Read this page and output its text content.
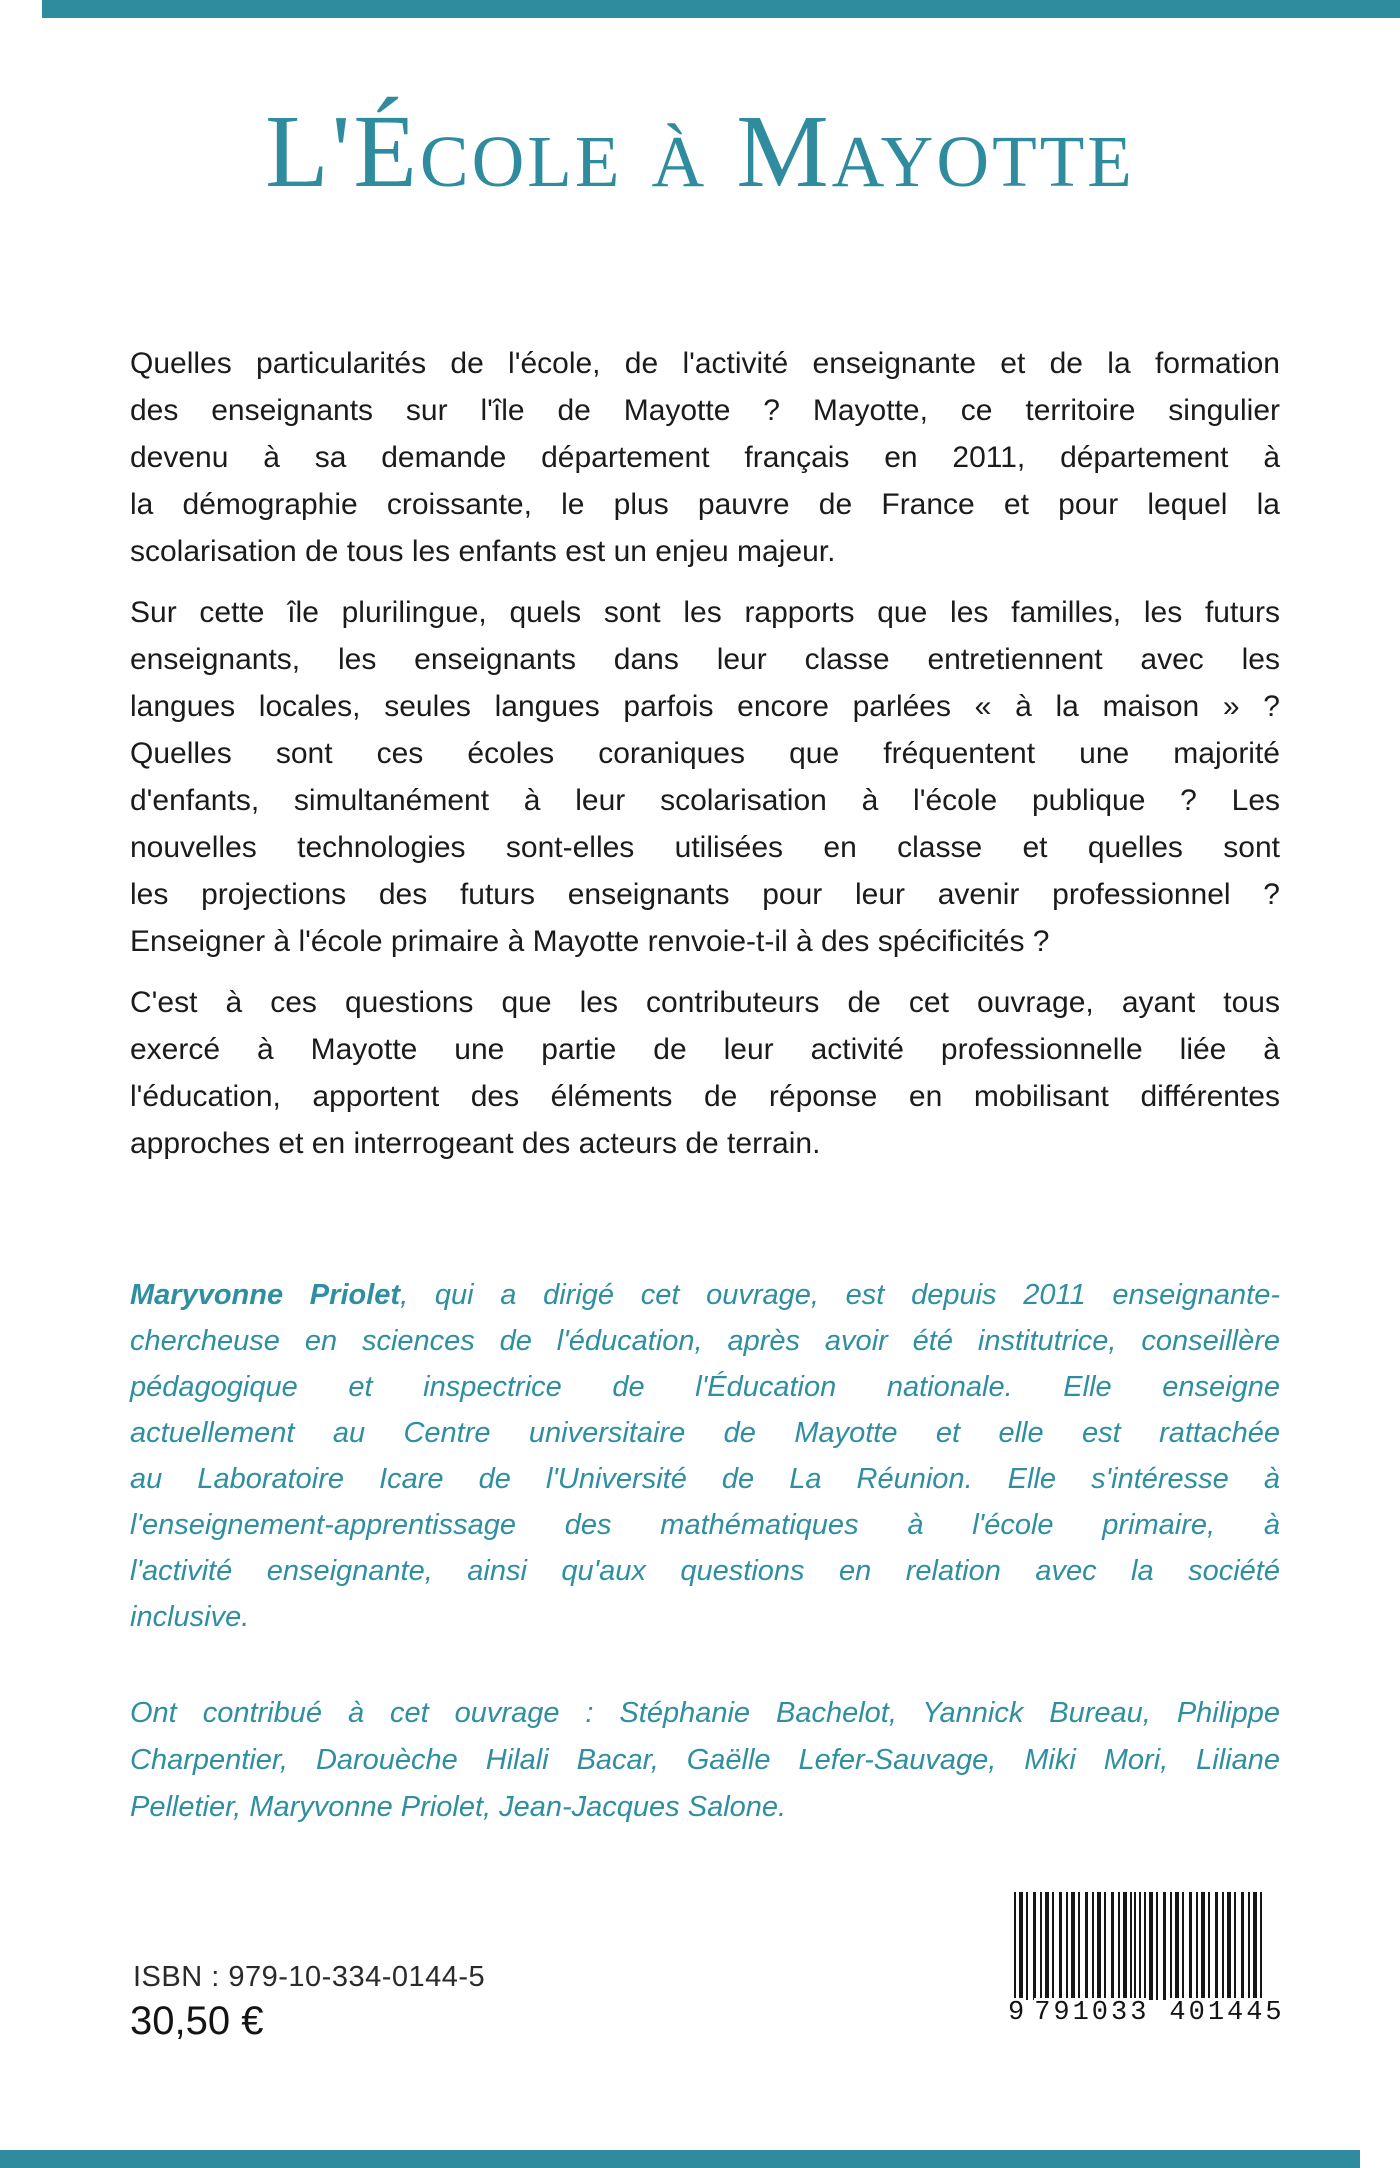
L'École à Mayotte
Quelles particularités de l'école, de l'activité enseignante et de la formation
des enseignants sur l'île de Mayotte ? Mayotte, ce territoire singulier
devenu à sa demande département français en 2011, département à
la démographie croissante, le plus pauvre de France et pour lequel la
scolarisation de tous les enfants est un enjeu majeur.
Sur cette île plurilingue, quels sont les rapports que les familles, les futurs
enseignants, les enseignants dans leur classe entretiennent avec les
langues locales, seules langues parfois encore parlées « à la maison » ?
Quelles sont ces écoles coraniques que fréquentent une majorité
d'enfants, simultanément à leur scolarisation à l'école publique ? Les
nouvelles technologies sont-elles utilisées en classe et quelles sont
les projections des futurs enseignants pour leur avenir professionnel ?
Enseigner à l'école primaire à Mayotte renvoie-t-il à des spécificités ?
C'est à ces questions que les contributeurs de cet ouvrage, ayant tous
exercé à Mayotte une partie de leur activité professionnelle liée à
l'éducation, apportent des éléments de réponse en mobilisant différentes
approches et en interrogeant des acteurs de terrain.
Maryvonne Priolet, qui a dirigé cet ouvrage, est depuis 2011 enseignante-
chercheuse en sciences de l'éducation, après avoir été institutrice, conseillère
pédagogique et inspectrice de l'Éducation nationale. Elle enseigne
actuellement au Centre universitaire de Mayotte et elle est rattachée
au Laboratoire Icare de l'Université de La Réunion. Elle s'intéresse à
l'enseignement-apprentissage des mathématiques à l'école primaire, à
l'activité enseignante, ainsi qu'aux questions en relation avec la société
inclusive.
Ont contribué à cet ouvrage : Stéphanie Bachelot, Yannick Bureau, Philippe
Charpentier, Darouèche Hilali Bacar, Gaëlle Lefer-Sauvage, Miki Mori, Liliane
Pelletier, Maryvonne Priolet, Jean-Jacques Salone.
ISBN : 979-10-334-0144-5
30,50 €	9 791033 401445
